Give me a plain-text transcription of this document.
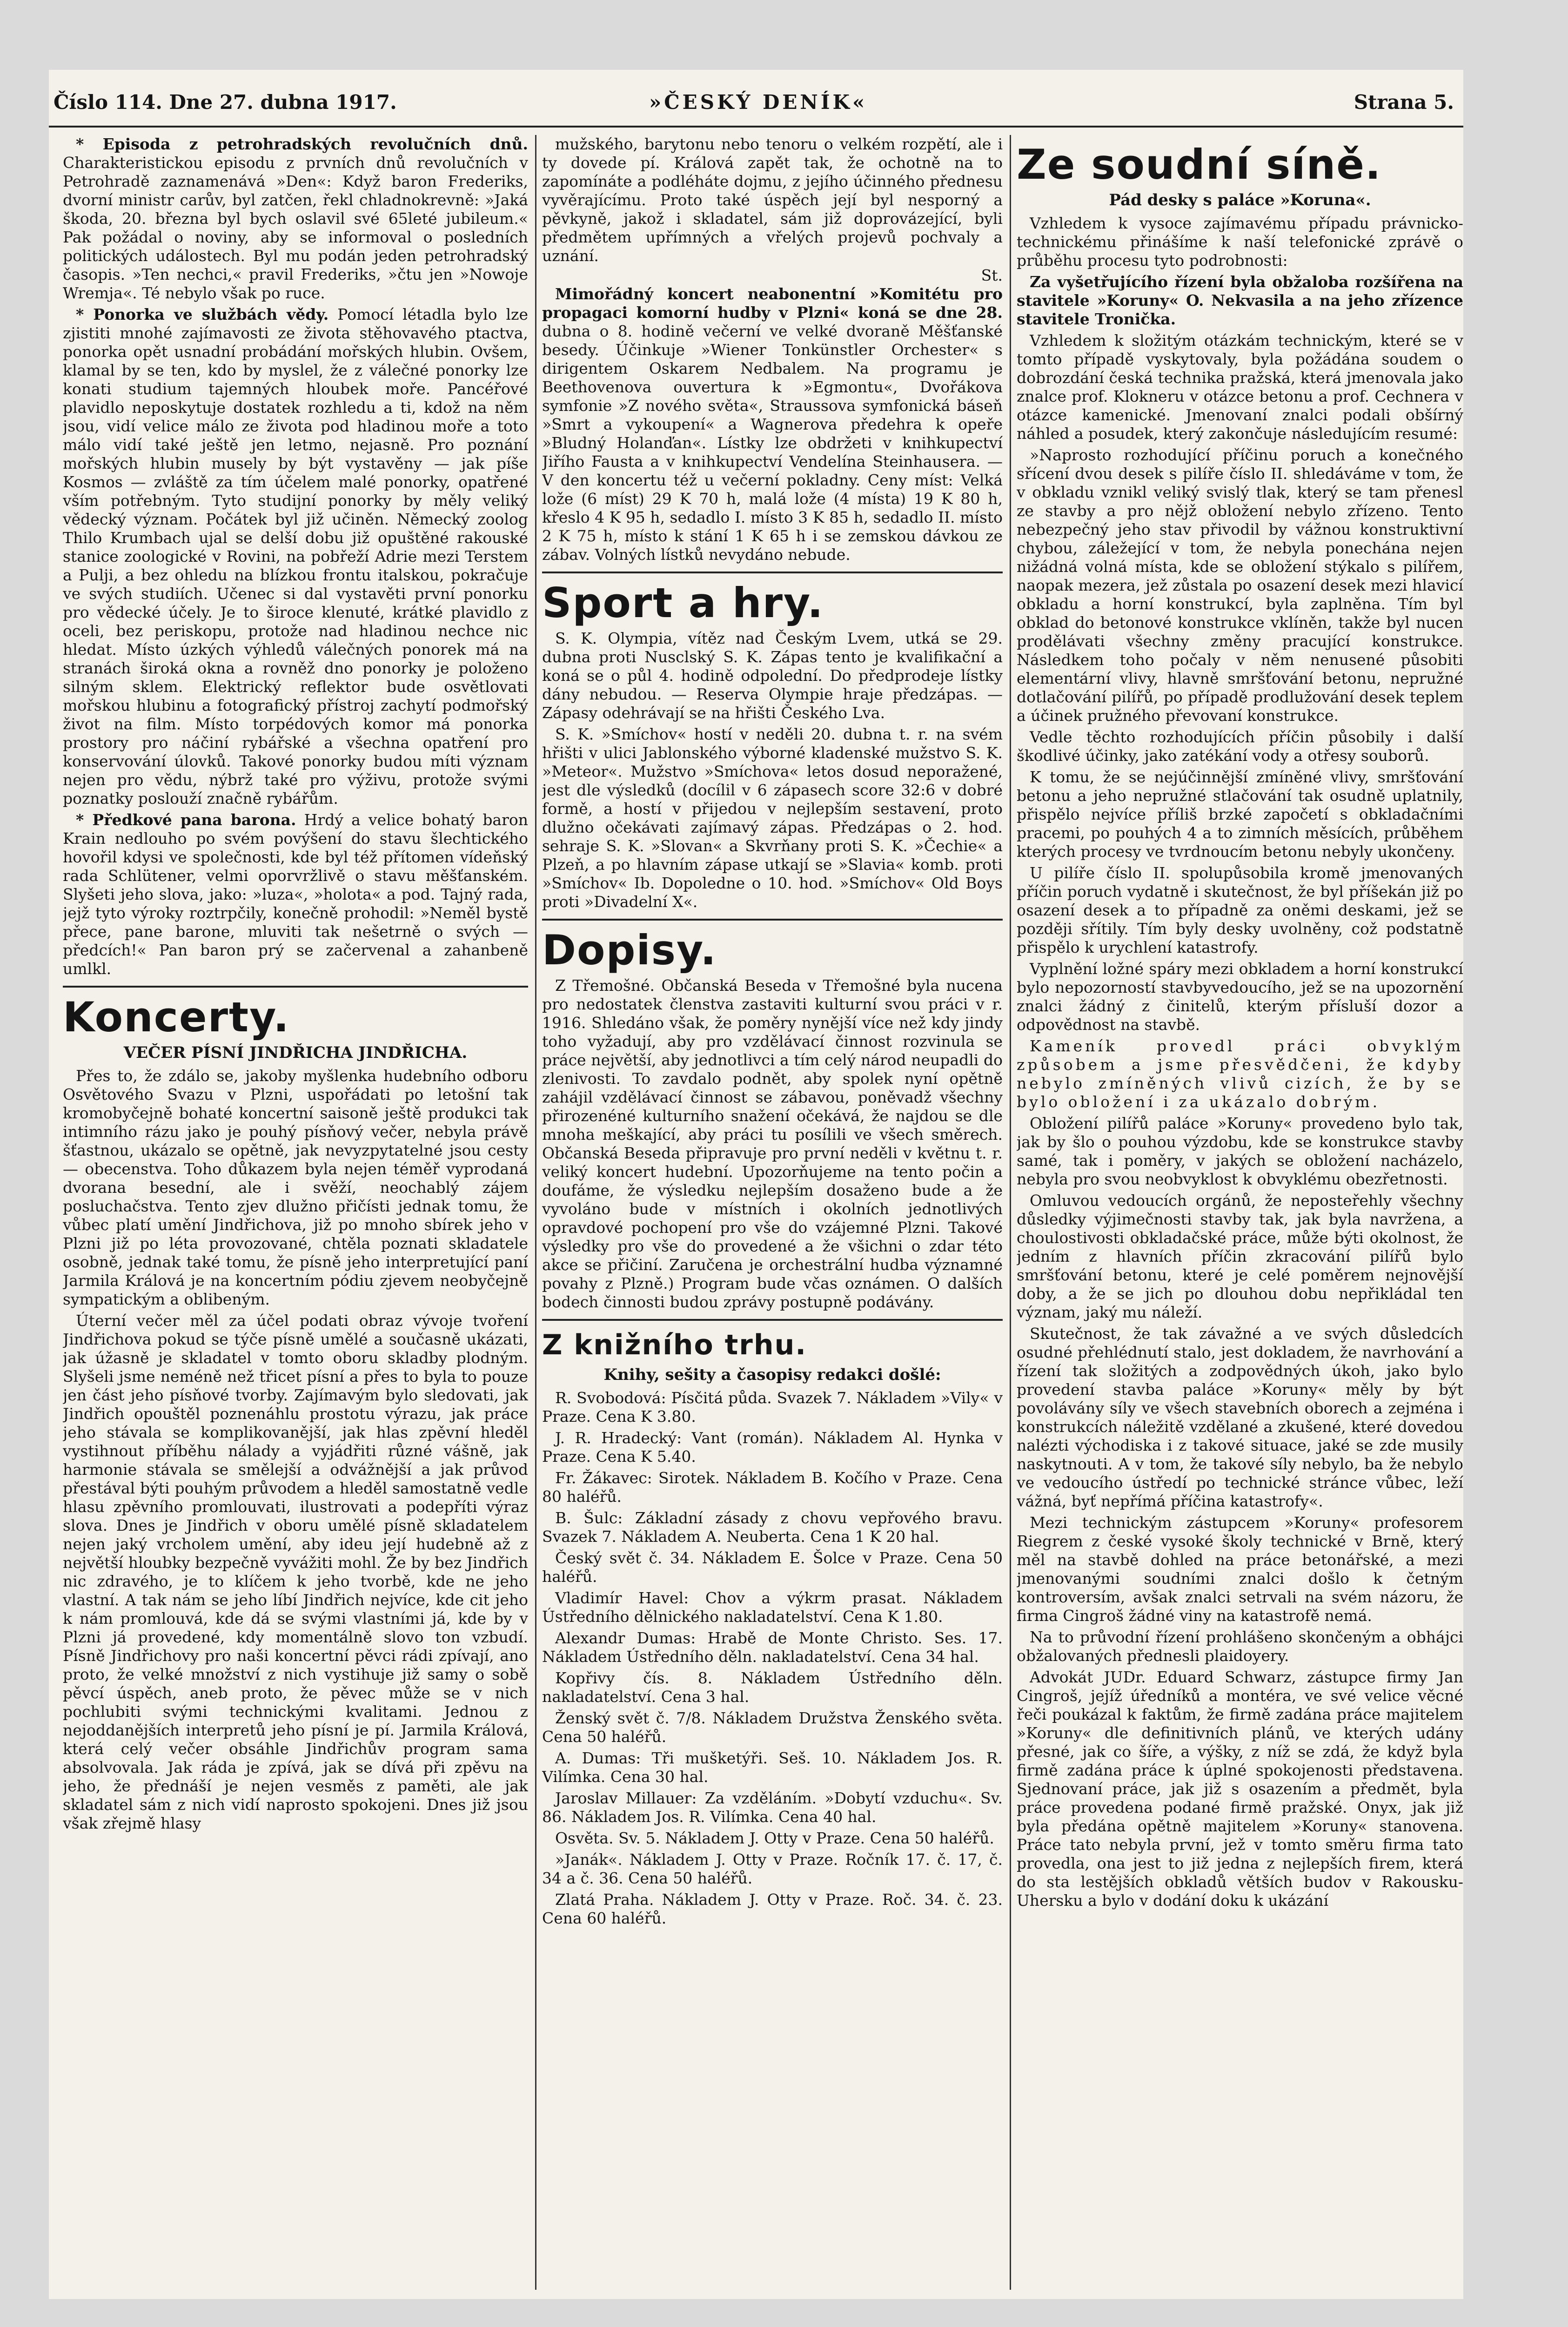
Číslo 114. Dne 27. dubna 1917.	»ČESKÝ DENÍK«	Strana 5.

* Episoda z petrohradských revolučních dnů. Charakteristickou episodu z prvních dnů revolučních v Petrohradě zaznamenává »Den«: Když baron Frederiks, dvorní ministr carův, byl zatčen, řekl chladnokrevně: »Jaká škoda, 20. března byl bych oslavil své 65leté jubileum.« Pak požádal o noviny, aby se informoval o posledních politických událostech. Byl mu podán jeden petrohradský časopis. »Ten nechci,« pravil Frederiks, »čtu jen »Nowoje Wremja«. Té nebylo však po ruce.

* Ponorka ve službách vědy. Pomocí létadla bylo lze zjistiti mnohé zajímavosti ze života stěhovavého ptactva, ponorka opět usnadní probádání mořských hlubin. Ovšem, klamal by se ten, kdo by myslel, že z válečné ponorky lze konati studium tajemných hloubek moře. Pancéřové plavidlo neposkytuje dostatek rozhledu a ti, kdož na něm jsou, vidí velice málo ze života pod hladinou moře a toto málo vidí také ještě jen letmo, nejasně. Pro poznání mořských hlubin musely by být vystavěny — jak píše Kosmos — zvláště za tím účelem malé ponorky, opatřené vším potřebným. Tyto studijní ponorky by měly veliký vědecký význam. Počátek byl již učiněn. Německý zoolog Thilo Krumbach ujal se delší dobu již opuštěné rakouské stanice zoologické v Rovini, na pobřeží Adrie mezi Terstem a Pulji, a bez ohledu na blízkou frontu italskou, pokračuje ve svých studiích. Učenec si dal vystavěti první ponorku pro vědecké účely. Je to široce klenuté, krátké plavidlo z oceli, bez periskopu, protože nad hladinou nechce nic hledat. Místo úzkých výhledů válečných ponorek má na stranách široká okna a rovněž dno ponorky je položeno silným sklem. Elektrický reflektor bude osvětlovati mořskou hlubinu a fotografický přístroj zachytí podmořský život na film. Místo torpédových komor má ponorka prostory pro náčiní rybářské a všechna opatření pro konservování úlovků. Takové ponorky budou míti význam nejen pro vědu, nýbrž také pro výživu, protože svými poznatky poslouží značně rybářům.

* Předkové pana barona. Hrdý a velice bohatý baron Krain nedlouho po svém povýšení do stavu šlechtického hovořil kdysi ve společnosti, kde byl též přítomen vídeňský rada Schlütener, velmi oporvržlivě o stavu měšťanském. Slyšeti jeho slova, jako: »luza«, »holota« a pod. Tajný rada, jejž tyto výroky roztrpčily, konečně prohodil: »Neměl bystě přece, pane barone, mluviti tak nešetrně o svých — předcích!« Pan baron prý se začervenal a zahanbeně umlkl.

Koncerty.
VEČER PÍSNÍ JINDŘICHA JINDŘICHA.

Přes to, že zdálo se, jakoby myšlenka hudebního odboru Osvětového Svazu v Plzni, uspořádati po letošní tak kromobyčejně bohaté koncertní saisoně ještě produkci tak intimního rázu jako je pouhý písňový večer, nebyla právě šťastnou, ukázalo se opětně, jak nevyzpytatelné jsou cesty — obecenstva. Toho důkazem byla nejen téměř vyprodaná dvorana besední, ale i svěží, neochablý zájem posluchačstva. Tento zjev dlužno přičísti jednak tomu, že vůbec platí umění Jindřichova, již po mnoho sbírek jeho v Plzni již po léta provozované, chtěla poznati skladatele osobně, jednak také tomu, že písně jeho interpretující paní Jarmila Králová je na koncertním pódiu zjevem neobyčejně sympatickým a oblibeným.

Úterní večer měl za účel podati obraz vývoje tvoření Jindřichova pokud se týče písně umělé a současně ukázati, jak úžasně je skladatel v tomto oboru skladby plodným. Slyšeli jsme neméně než třicet písní a přes to byla to pouze jen část jeho písňové tvorby. Zajímavým bylo sledovati, jak Jindřich opouštěl poznenáhlu prostotu výrazu, jak práce jeho stávala se komplikovanější, jak hlas zpěvní hleděl vystihnout příběhu nálady a vyjádřiti různé vášně, jak harmonie stávala se smělejší a odvážnější a jak průvod přestával býti pouhým průvodem a hleděl samostatně vedle hlasu zpěvního promlouvati, ilustrovati a podepříti výraz slova. Dnes je Jindřich v oboru umělé písně skladatelem nejen jaký vrcholem umění, aby ideu její hudebně až z největší hloubky bezpečně vyvážiti mohl. Že by bez Jindřich nic zdravého, je to klíčem k jeho tvorbě, kde ne jeho vlastní. A tak nám se jeho líbí Jindřich nejvíce, kde cit jeho k nám promlouvá, kde dá se svými vlastními já, kde by v Plzni já provedené, kdy momentálně slovo ton vzbudí. Písně Jindřichovy pro naši koncertní pěvci rádi zpívají, ano proto, že velké množství z nich vystihuje již samy o sobě pěvcí úspěch, aneb proto, že pěvec může se v nich pochlubiti svými technickými kvalitami. Jednou z nejoddanějších interpretů jeho písní je pí. Jarmila Králová, která celý večer obsáhle Jindřichův program sama absolvovala. Jak ráda je zpívá, jak se dívá při zpěvu na jeho, že přednáší je nejen vesměs z paměti, ale jak skladatel sám z nich vidí naprosto spokojeni. Dnes již jsou však zřejmě hlasy

mužského, barytonu nebo tenoru o velkém rozpětí, ale i ty dovede pí. Králová zapět tak, že ochotně na to zapomínáte a podléháte dojmu, z jejího účinného přednesu vyvěrajícímu. Proto také úspěch její byl nesporný a pěvkyně, jakož i skladatel, sám již doprovázející, byli předmětem upřímných a vřelých projevů pochvaly a uznání.

St.

Mimořádný koncert neabonentní »Komitétu pro propagaci komorní hudby v Plzni« koná se dne 28. dubna o 8. hodině večerní ve velké dvoraně Měšťanské besedy. Účinkuje »Wiener Tonkünstler Orchester« s dirigentem Oskarem Nedbalem. Na programu je Beethovenova ouvertura k »Egmontu«, Dvořákova symfonie »Z nového světa«, Straussova symfonická báseň »Smrt a vykoupení« a Wagnerova předehra k opeře »Bludný Holanďan«. Lístky lze obdržeti v knihkupectví Jiřího Fausta a v knihkupectví Vendelína Steinhausera. — V den koncertu též u večerní pokladny. Ceny míst: Velká lože (6 míst) 29 K 70 h, malá lože (4 místa) 19 K 80 h, křeslo 4 K 95 h, sedadlo I. místo 3 K 85 h, sedadlo II. místo 2 K 75 h, místo k stání 1 K 65 h i se zemskou dávkou ze zábav. Volných lístků nevydáno nebude.

Sport a hry.

S. K. Olympia, vítěz nad Českým Lvem, utká se 29. dubna proti Nusclský S. K. Zápas tento je kvalifikační a koná se o půl 4. hodině odpolední. Do předprodeje lístky dány nebudou. — Reserva Olympie hraje předzápas. — Zápasy odehrávají se na hřišti Českého Lva.

S. K. »Smíchov« hostí v neděli 20. dubna t. r. na svém hřišti v ulici Jablonského výborné kladenské mužstvo S. K. »Meteor«. Mužstvo »Smíchova« letos dosud neporažené, jest dle výsledků (docílil v 6 zápasech score 32:6 v dobré formě, a hostí v přijedou v nejlepším sestavení, proto dlužno očekávati zajímavý zápas. Předzápas o 2. hod. sehraje S. K. »Slovan« a Skvrňany proti S. K. »Čechie« a Plzeň, a po hlavním zápase utkají se »Slavia« komb. proti »Smíchov« Ib. Dopoledne o 10. hod. »Smíchov« Old Boys proti »Divadelní X«.

Dopisy.

Z Třemošné. Občanská Beseda v Třemošné byla nucena pro nedostatek členstva zastaviti kulturní svou práci v r. 1916. Shledáno však, že poměry nynější více než kdy jindy toho vyžadují, aby pro vzdělávací činnost rozvinula se práce největší, aby jednotlivci a tím celý národ neupadli do zlenivosti. To zavdalo podnět, aby spolek nyní opětně zahájil vzdělávací činnost se zábavou, poněvadž všechny přirozenéné kulturního snažení očekává, že najdou se dle mnoha meškající, aby práci tu posílili ve všech směrech. Občanská Beseda připravuje pro první neděli v květnu t. r. veliký koncert hudební. Upozorňujeme na tento počin a doufáme, že výsledku nejlepším dosaženo bude a že vyvoláno bude v místních i okolních jednotlivých opravdové pochopení pro vše do vzájemné Plzni. Takové výsledky pro vše do provedené a že všichni o zdar této akce se přičiní. Zaručena je orchestrální hudba významné povahy z Plzně.) Program bude včas oznámen. O dalších bodech činnosti budou zprávy postupně podávány.

Z knižního trhu.
Knihy, sešity a časopisy redakci došlé:

R. Svobodová: Písčitá půda. Svazek 7. Nákladem »Vily« v Praze. Cena K 3.80.

J. R. Hradecký: Vant (román). Nákladem Al. Hynka v Praze. Cena K 5.40.

Fr. Žákavec: Sirotek. Nákladem B. Kočího v Praze. Cena 80 haléřů.

B. Šulc: Základní zásady z chovu vepřového bravu. Svazek 7. Nákladem A. Neuberta. Cena 1 K 20 hal.

Český svět č. 34. Nákladem E. Šolce v Praze. Cena 50 haléřů.

Vladimír Havel: Chov a výkrm prasat. Nákladem Ústředního dělnického nakladatelství. Cena K 1.80.

Alexandr Dumas: Hrabě de Monte Christo. Ses. 17. Nákladem Ústředního děln. nakladatelství. Cena 34 hal.

Kopřivy čís. 8. Nákladem Ústředního děln. nakladatelství. Cena 3 hal.

Ženský svět č. 7/8. Nákladem Družstva Ženského světa. Cena 50 haléřů.

A. Dumas: Tři mušketýři. Seš. 10. Nákladem Jos. R. Vilímka. Cena 30 hal.

Jaroslav Millauer: Za vzděláním. »Dobytí vzduchu«. Sv. 86. Nákladem Jos. R. Vilímka. Cena 40 hal.

Osvěta. Sv. 5. Nákladem J. Otty v Praze. Cena 50 haléřů.

»Janák«. Nákladem J. Otty v Praze. Ročník 17. č. 17, č. 34 a č. 36. Cena 50 haléřů.

Zlatá Praha. Nákladem J. Otty v Praze. Roč. 34. č. 23. Cena 60 haléřů.

Ze soudní síně.
Pád desky s paláce »Koruna«.

Vzhledem k vysoce zajímavému případu právnicko-technickému přinášíme k naší telefonické zprávě o průběhu procesu tyto podrobnosti:

Za vyšetřujícího řízení byla obžaloba rozšířena na stavitele »Koruny« O. Nekvasila a na jeho zřízence stavitele Tronička.

Vzhledem k složitým otázkám technickým, které se v tomto případě vyskytovaly, byla požádána soudem o dobrozdání česká technika pražská, která jmenovala jako znalce prof. Klokneru v otázce betonu a prof. Cechnera v otázce kamenické. Jmenovaní znalci podali obšírný náhled a posudek, který zakončuje následujícím resumé:

»Naprosto rozhodující příčinu poruch a konečného sřícení dvou desek s pilíře číslo II. shledáváme v tom, že v obkladu vznikl veliký svislý tlak, který se tam přenesl ze stavby a pro nějž obložení nebylo zřízeno. Tento nebezpečný jeho stav přivodil by vážnou konstruktivní chybou, záležející v tom, že nebyla ponechána nejen nižádná volná místa, kde se obložení stýkalo s pilířem, naopak mezera, jež zůstala po osazení desek mezi hlavicí obkladu a horní konstrukcí, byla zaplněna. Tím byl obklad do betonové konstrukce vklíněn, takže byl nucen prodělávati všechny změny pracující konstrukce. Následkem toho počaly v něm nenusené působiti elementární vlivy, hlavně smršťování betonu, nepružné dotlačování pilířů, po případě prodlužování desek teplem a účinek pružného převovaní konstrukce.

Vedle těchto rozhodujících příčin působily i další škodlivé účinky, jako zatékání vody a otřesy souborů.

K tomu, že se nejúčinnější zmíněné vlivy, smršťování betonu a jeho nepružné stlačování tak osudně uplatnily, přispělo nejvíce příliš brzké započetí s obkladačními pracemi, po pouhých 4 a to zimních měsících, průběhem kterých procesy ve tvrdnoucím betonu nebyly ukončeny.

U pilíře číslo II. spolupůsobila kromě jmenovaných příčin poruch vydatně i skutečnost, že byl příšekán již po osazení desek a to případně za oněmi deskami, jež se později sřítily. Tím byly desky uvolněny, což podstatně přispělo k urychlení katastrofy.

Vyplnění ložné spáry mezi obkladem a horní konstrukcí bylo nepozorností stavbyvedoucího, jež se na upozornění znalci žádný z činitelů, kterým přísluší dozor a odpovědnost na stavbě.

Kameník provedl práci obvyklým způsobem a jsme přesvědčeni, že kdyby nebylo zmíněných vlivů cizích, že by se bylo obložení i za ukázalo dobrým.

Obložení pilířů paláce »Koruny« provedeno bylo tak, jak by šlo o pouhou výzdobu, kde se konstrukce stavby samé, tak i poměry, v jakých se obložení nacházelo, nebyla pro svou neobvyklost k obvyklému obezřetnosti.

Omluvou vedoucích orgánů, že neposteřehly všechny důsledky výjimečnosti stavby tak, jak byla navržena, a choulostivosti obkladačské práce, může býti okolnost, že jedním z hlavních příčin zkracování pilířů bylo smršťování betonu, které je celé poměrem nejnovější doby, a že se jich po dlouhou dobu nepřikládal ten význam, jaký mu náleží.

Skutečnost, že tak závažné a ve svých důsledcích osudné přehlédnutí stalo, jest dokladem, že navrhování a řízení tak složitých a zodpovědných úkoh, jako bylo provedení stavba paláce »Koruny« měly by být povolávány síly ve všech stavebních oborech a zejména i konstrukcích náležitě vzdělané a zkušené, které dovedou nalézti východiska i z takové situace, jaké se zde musily naskytnouti. A v tom, že takové síly nebylo, ba že nebylo ve vedoucího ústředí po technické stránce vůbec, leží vážná, byť nepřímá příčina katastrofy«.

Mezi technickým zástupcem »Koruny« profesorem Riegrem z české vysoké školy technické v Brně, který měl na stavbě dohled na práce betonářské, a mezi jmenovanými soudními znalci došlo k četným kontroversím, avšak znalci setrvali na svém názoru, že firma Cingroš žádné viny na katastrofě nemá.

Na to průvodní řízení prohlášeno skončeným a obhájci obžalovaných přednesli plaidoyery.

Advokát JUDr. Eduard Schwarz, zástupce firmy Jan Cingroš, jejíž úředníků a montéra, ve své velice věcné řeči poukázal k faktům, že firmě zadána práce majitelem »Koruny« dle definitivních plánů, ve kterých udány přesné, jak co šíře, a výšky, z níž se zdá, že když byla firmě zadána práce k úplné spokojenosti představena. Sjednovaní práce, jak již s osazením a předmět, byla práce provedena podané firmě pražské. Onyx, jak již byla předána opětně majitelem »Koruny« stanovena. Práce tato nebyla první, jež v tomto směru firma tato provedla, ona jest to již jedna z nejlepších firem, která do sta lestějších obkladů větších budov v Rakousku-Uhersku a bylo v dodání doku k ukázání
